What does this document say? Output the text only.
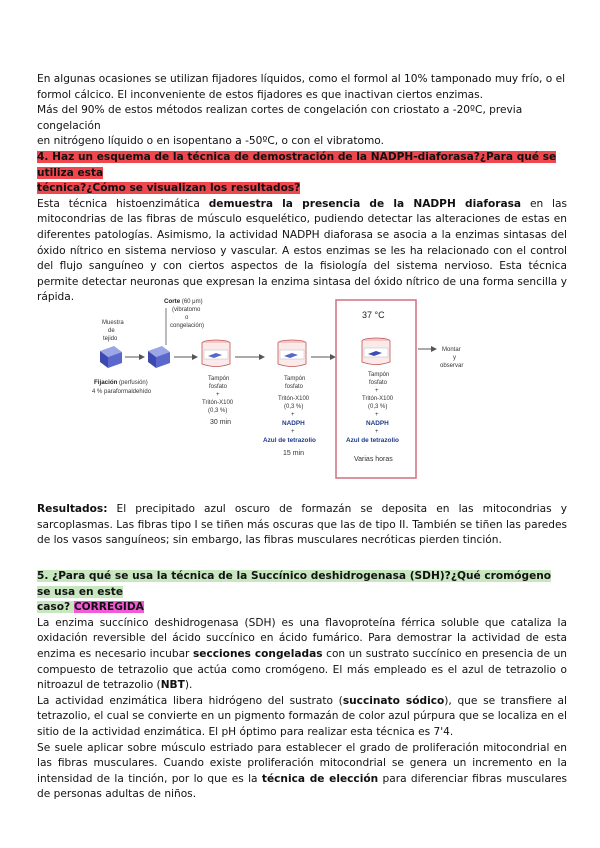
En algunas ocasiones se utilizan fijadores líquidos, como el formol al 10% tamponado muy frío, o el

formol cálcico. El inconveniente de estos fijadores es que inactivan ciertos enzimas.

Más del 90% de estos métodos realizan cortes de congelación con criostato a -20ºC, previa congelación

en nitrógeno líquido o en isopentano a -50ºC, o con el vibratomo.

4. Haz un esquema de la técnica de demostración de la NADPH-diaforasa?¿Para qué se utiliza esta
técnica?¿Cómo se visualizan los resultados?

Esta técnica histoenzimática demuestra la presencia de la NADPH diaforasa en las mitocondrias de las fibras de músculo esquelético, pudiendo detectar las alteraciones de estas en diferentes patologías. Asimismo, la actividad NADPH diaforasa se asocia a la enzimas sintasas del óxido nítrico en sistema nervioso y vascular. A estos enzimas se les ha relacionado con el control del flujo sanguíneo y con ciertos aspectos de la fisiología del sistema nervioso. Esta técnica permite detectar neuronas que expresan la enzima sintasa del óxido nítrico de una forma sencilla y rápida.

Muestra
de
tejido
Fijación (perfusión)
4 % paraformaldehído
Corte (60 μm)
(vibratomo
o
congelación)
Tampón
fosfato
+
Tritón-X100
(0,3 %)
30 min
Tampón
fosfato
Tritón-X100
(0,3 %)
+
NADPH
+
Azul de tetrazolio
15 min
37 °C
Tampón
fosfato
+
Tritón-X100
(0,3 %)
+
NADPH
+
Azul de tetrazolio
Varias horas
Montar
y
observar

Resultados: El precipitado azul oscuro de formazán se deposita en las mitocondrias y sarcoplasmas. Las fibras tipo I se tiñen más oscuras que las de tipo II. También se tiñen las paredes de los vasos sanguíneos; sin embargo, las fibras musculares necróticas pierden tinción.

5. ¿Para qué se usa la técnica de la Succínico deshidrogenasa (SDH)?¿Qué cromógeno se usa en este
caso? CORREGIDA

La enzima succínico deshidrogenasa (SDH) es una flavoproteína férrica soluble que cataliza la oxidación reversible del ácido succínico en ácido fumárico. Para demostrar la actividad de esta enzima es necesario incubar secciones congeladas con un sustrato succínico en presencia de un compuesto de tetrazolio que actúa como cromógeno. El más empleado es el azul de tetrazolio o nitroazul de tetrazolio (NBT).

La actividad enzimática libera hidrógeno del sustrato (succinato sódico), que se transfiere al tetrazolio, el cual se convierte en un pigmento formazán de color azul púrpura que se localiza en el sitio de la actividad enzimática. El pH óptimo para realizar esta técnica es 7'4.

Se suele aplicar sobre músculo estriado para establecer el grado de proliferación mitocondrial en las fibras musculares. Cuando existe proliferación mitocondrial se genera un incremento en la intensidad de la tinción, por lo que es la técnica de elección para diferenciar fibras musculares de personas adultas de niños.
